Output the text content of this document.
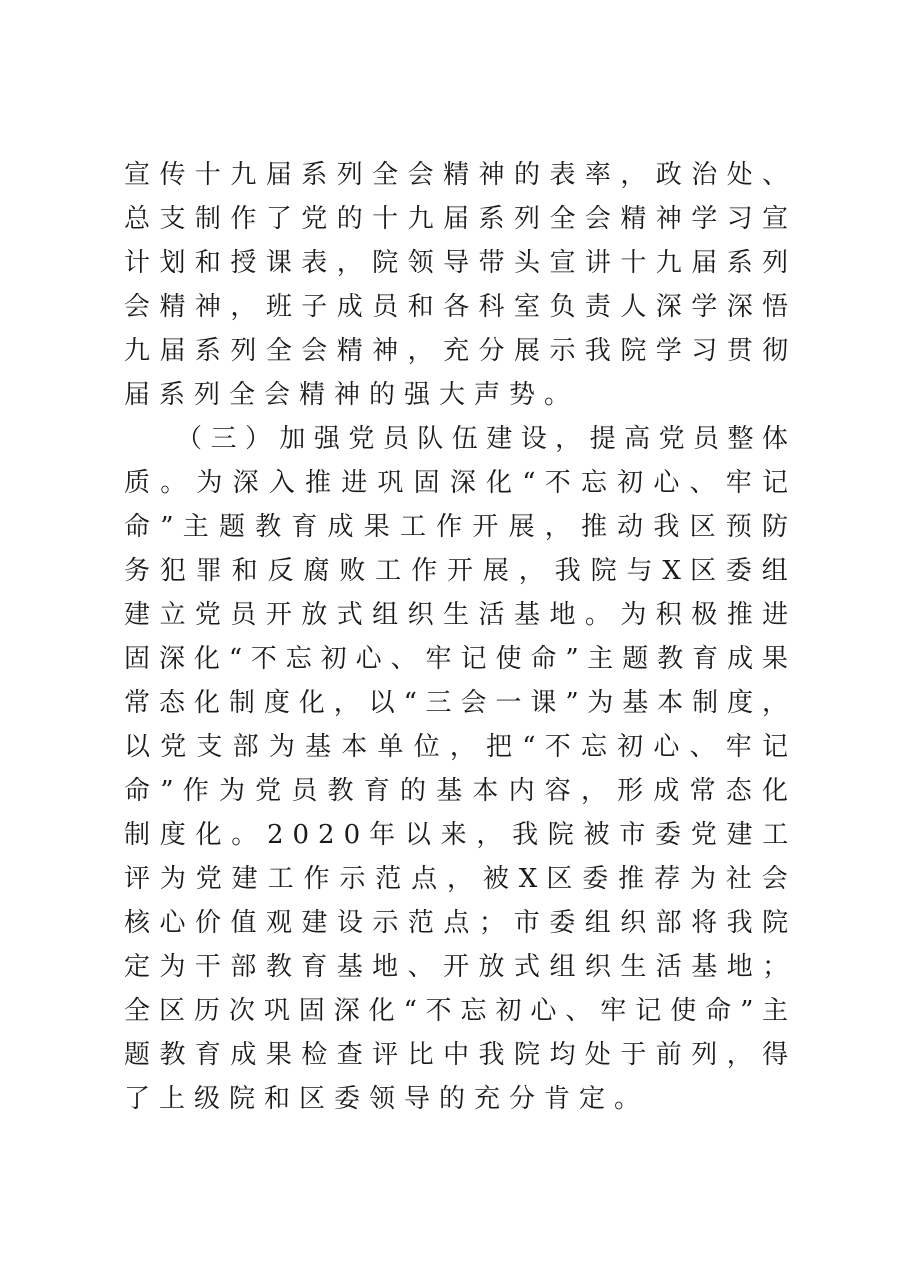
宣 传 十 九 届 系 列 全 会 精 神 的 表 率 ， 政 治 处 、
总 支 制 作 了 党 的 十 九 届 系 列 全 会 精 神 学 习 宣
计 划 和 授 课 表 ， 院 领 导 带 头 宣 讲 十 九 届 系 列
会 精 神 ， 班 子 成 员 和 各 科 室 负 责 人 深 学 深 悟
九 届 系 列 全 会 精 神 ， 充 分 展 示 我 院 学 习 贯 彻
届系列全会精神的强大声势。
（ 三 ） 加 强 党 员 队 伍 建 设 ， 提 高 党 员 整 体
质 。 为 深 入 推 进 巩 固 深 化 “ 不 忘 初 心 、 牢 记
命 ” 主 题 教 育 成 果 工 作 开 展 ， 推 动 我 区 预 防
务 犯 罪 和 反 腐 败 工 作 开 展 ， 我 院 与 X 区 委 组
建 立 党 员 开 放 式 组 织 生 活 基 地 。 为 积 极 推 进
固 深 化 “ 不 忘 初 心 、 牢 记 使 命 ” 主 题 教 育 成 果
常 态 化 制 度 化 ， 以 “ 三 会 一 课 ” 为 基 本 制 度 ，
以 党 支 部 为 基 本 单 位 ， 把 “ 不 忘 初 心 、 牢 记
命 ” 作 为 党 员 教 育 的 基 本 内 容 ， 形 成 常 态 化
制 度 化 。 2 0 2 0 年 以 来 ， 我 院 被 市 委 党 建 工
评 为 党 建 工 作 示 范 点 ， 被 X 区 委 推 荐 为 社 会
核 心 价 值 观 建 设 示 范 点 ； 市 委 组 织 部 将 我 院
定 为 干 部 教 育 基 地 、 开 放 式 组 织 生 活 基 地 ；
全 区 历 次 巩 固 深 化 “ 不 忘 初 心 、 牢 记 使 命 ” 主
题 教 育 成 果 检 查 评 比 中 我 院 均 处 于 前 列 ， 得
了上级院和区委领导的充分肯定。
